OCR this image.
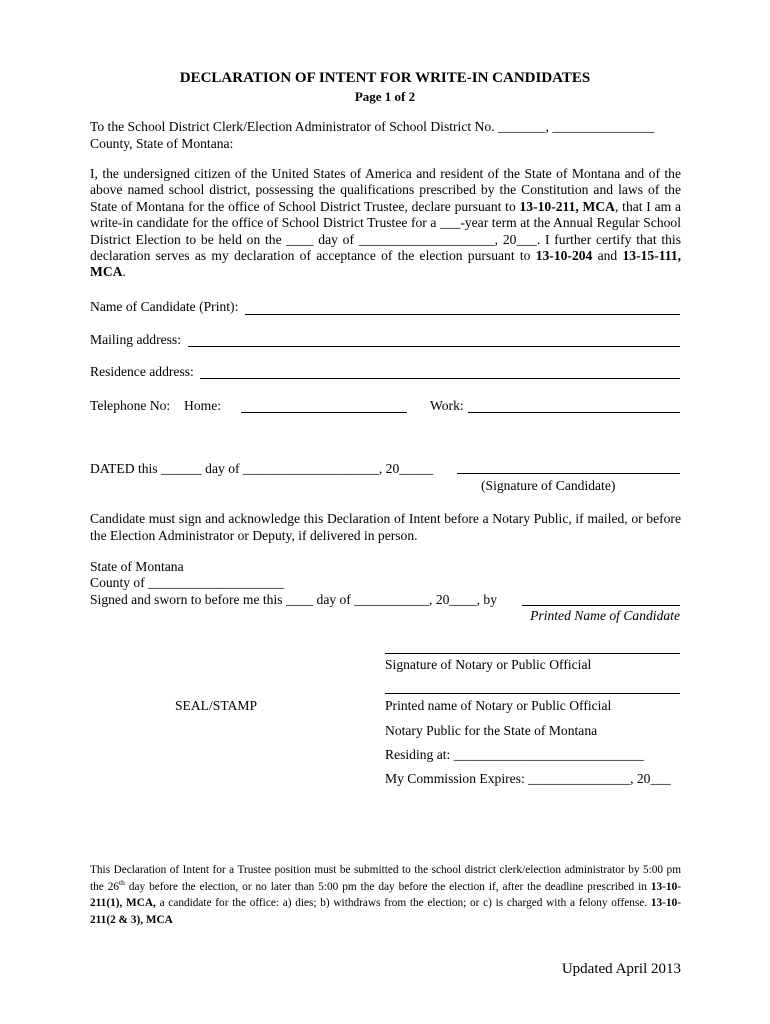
DECLARATION OF INTENT FOR WRITE-IN CANDIDATES
Page 1 of 2
To the School District Clerk/Election Administrator of School District No. _______, _______________
County, State of Montana:
I, the undersigned citizen of the United States of America and resident of the State of Montana and of the above named school district, possessing the qualifications prescribed by the Constitution and laws of the State of Montana for the office of School District Trustee, declare pursuant to 13-10-211, MCA, that I am a write-in candidate for the office of School District Trustee for a ___-year term at the Annual Regular School District Election to be held on the ____ day of ____________________, 20___. I further certify that this declaration serves as my declaration of acceptance of the election pursuant to 13-10-204 and 13-15-111, MCA.
Name of Candidate (Print):
Mailing address:
Residence address:
Telephone No: Home:	Work:
DATED this ______ day of ____________________, 20_____
(Signature of Candidate)
Candidate must sign and acknowledge this Declaration of Intent before a Notary Public, if mailed, or before the Election Administrator or Deputy, if delivered in person.
State of Montana
County of ____________________
Signed and sworn to before me this ____ day of ___________, 20____, by
Printed Name of Candidate
Signature of Notary or Public Official
SEAL/STAMP	Printed name of Notary or Public Official
Notary Public for the State of Montana
Residing at: ____________________________
My Commission Expires: _______________, 20___
This Declaration of Intent for a Trustee position must be submitted to the school district clerk/election administrator by 5:00 pm the 26th day before the election, or no later than 5:00 pm the day before the election if, after the deadline prescribed in 13-10-211(1), MCA, a candidate for the office: a) dies; b) withdraws from the election; or c) is charged with a felony offense. 13-10-211(2 & 3), MCA
Updated April 2013
